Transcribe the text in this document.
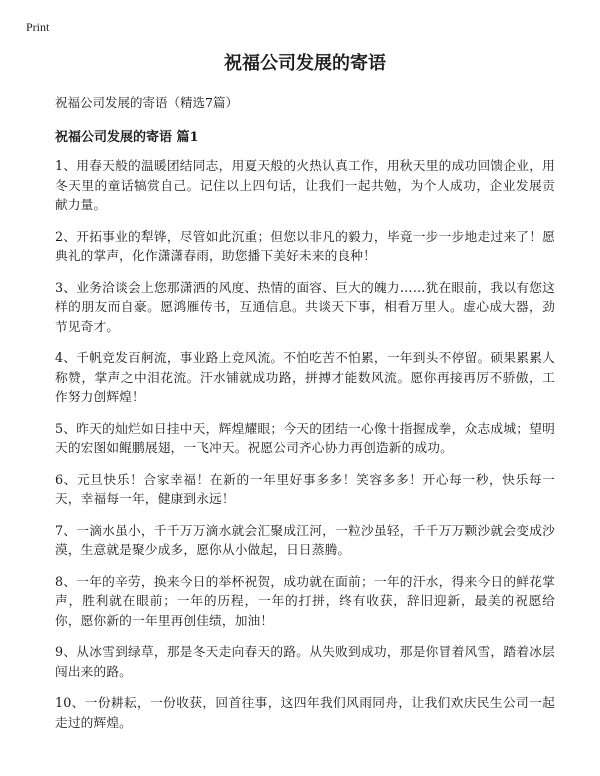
Print
祝福公司发展的寄语
祝福公司发展的寄语（精选7篇）
祝福公司发展的寄语 篇1

1、用春天般的温暖团结同志，用夏天般的火热认真工作，用秋天里的成功回馈企业，用冬天里的童话犒赏自己。记住以上四句话，让我们一起共勉，为个人成功，企业发展贡献力量。

2、开拓事业的犁铧，尽管如此沉重；但您以非凡的毅力，毕竟一步一步地走过来了！愿典礼的掌声，化作潇潇春雨，助您播下美好未来的良种！

3、业务洽谈会上您那潇洒的风度、热情的面容、巨大的魄力……犹在眼前，我以有您这样的朋友而自豪。愿鸿雁传书，互通信息。共谈天下事，相看万里人。虚心成大器，劲节见奇才。

4、千帆竞发百舸流，事业路上竞风流。不怕吃苦不怕累，一年到头不停留。硕果累累人称赞，掌声之中泪花流。汗水铺就成功路，拼搏才能数风流。愿你再接再厉不骄傲，工作努力创辉煌！

5、昨天的灿烂如日挂中天，辉煌耀眼；今天的团结一心像十指握成拳，众志成城；望明天的宏图如鲲鹏展翅，一飞冲天。祝愿公司齐心协力再创造新的成功。

6、元旦快乐！合家幸福！在新的一年里好事多多！笑容多多！开心每一秒，快乐每一天，幸福每一年，健康到永远！

7、一滴水虽小，千千万万滴水就会汇聚成江河，一粒沙虽轻，千千万万颗沙就会变成沙漠，生意就是聚少成多，愿你从小做起，日日蒸腾。

8、一年的辛劳，换来今日的举杯祝贺，成功就在面前；一年的汗水，得来今日的鲜花掌声，胜利就在眼前；一年的历程，一年的打拼，终有收获，辞旧迎新，最美的祝愿给你，愿你新的一年里再创佳绩，加油！

9、从冰雪到绿草，那是冬天走向春天的路。从失败到成功，那是你冒着风雪，踏着冰层闯出来的路。

10、一份耕耘，一份收获，回首往事，这四年我们风雨同舟，让我们欢庆民生公司一起走过的辉煌。
